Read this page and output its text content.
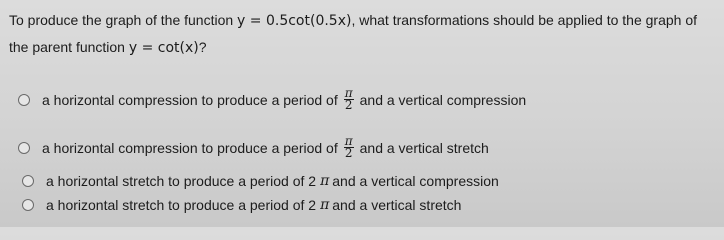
To produce the graph of the function y = 0.5cot(0.5x), what transformations should be applied to the graph of the parent function y = cot(x)?
a horizontal compression to produce a period of $\frac{\pi}{2}$ and a vertical compression
a horizontal compression to produce a period of $\frac{\pi}{2}$ and a vertical stretch
a horizontal stretch to produce a period of 2 π and a vertical compression
a horizontal stretch to produce a period of 2 π and a vertical stretch
